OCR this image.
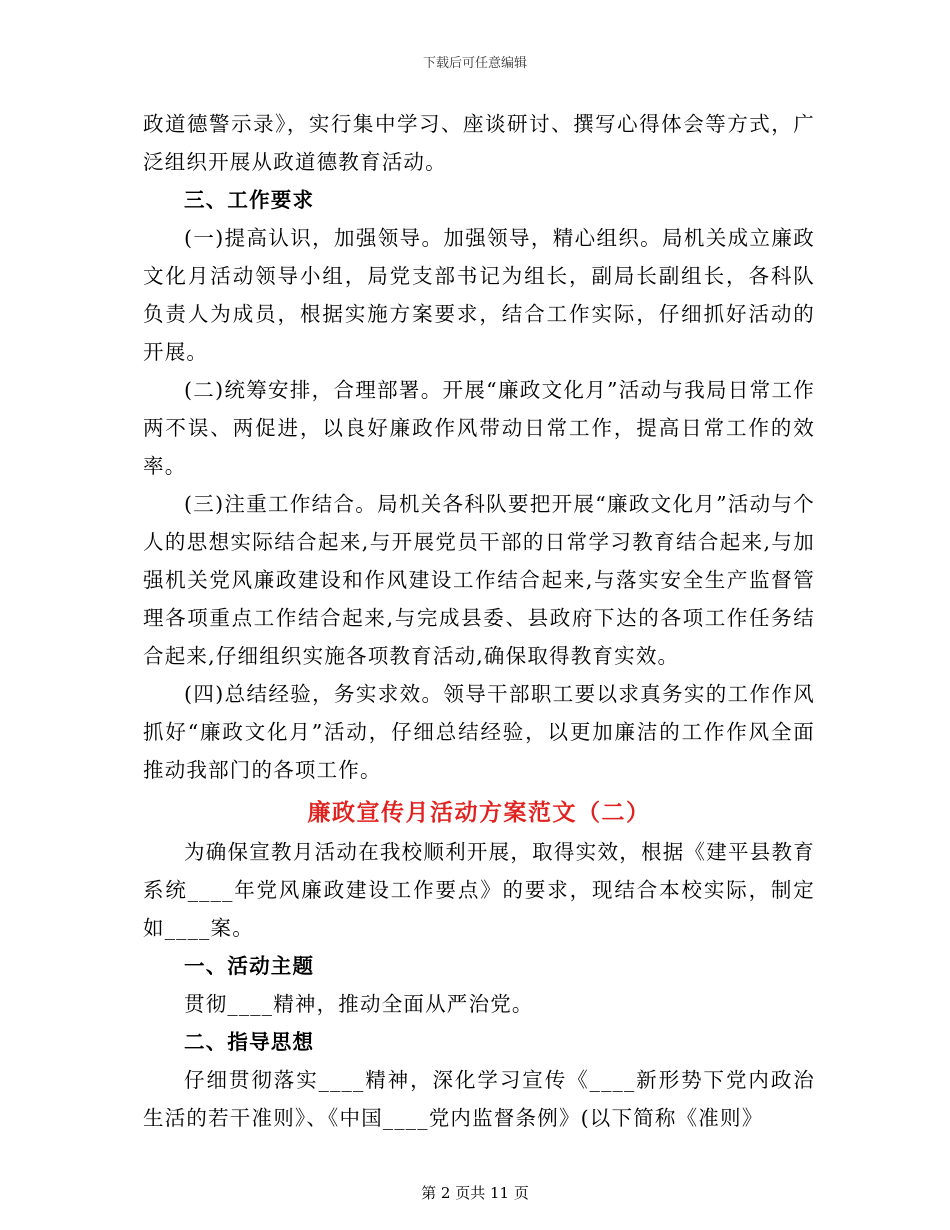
下载后可任意编辑

政道德警示录》，实行集中学习、座谈研讨、撰写心得体会等方式，广泛组织开展从政道德教育活动。

三、工作要求

(一)提高认识，加强领导。加强领导，精心组织。局机关成立廉政文化月活动领导小组，局党支部书记为组长，副局长副组长，各科队负责人为成员，根据实施方案要求，结合工作实际，仔细抓好活动的开展。

(二)统筹安排，合理部署。开展“廉政文化月”活动与我局日常工作两不误、两促进，以良好廉政作风带动日常工作，提高日常工作的效率。

(三)注重工作结合。局机关各科队要把开展“廉政文化月”活动与个人的思想实际结合起来,与开展党员干部的日常学习教育结合起来,与加强机关党风廉政建设和作风建设工作结合起来,与落实安全生产监督管理各项重点工作结合起来,与完成县委、县政府下达的各项工作任务结合起来,仔细组织实施各项教育活动,确保取得教育实效。

(四)总结经验，务实求效。领导干部职工要以求真务实的工作作风抓好“廉政文化月”活动，仔细总结经验，以更加廉洁的工作作风全面推动我部门的各项工作。

廉政宣传月活动方案范文（二）

为确保宣教月活动在我校顺利开展，取得实效，根据《建平县教育系统____年党风廉政建设工作要点》的要求，现结合本校实际，制定如____案。

一、活动主题

贯彻____精神，推动全面从严治党。

二、指导思想

仔细贯彻落实____精神，深化学习宣传《____新形势下党内政治生活的若干准则》、《中国____党内监督条例》(以下简称《准则》

第 2 页共 11 页
